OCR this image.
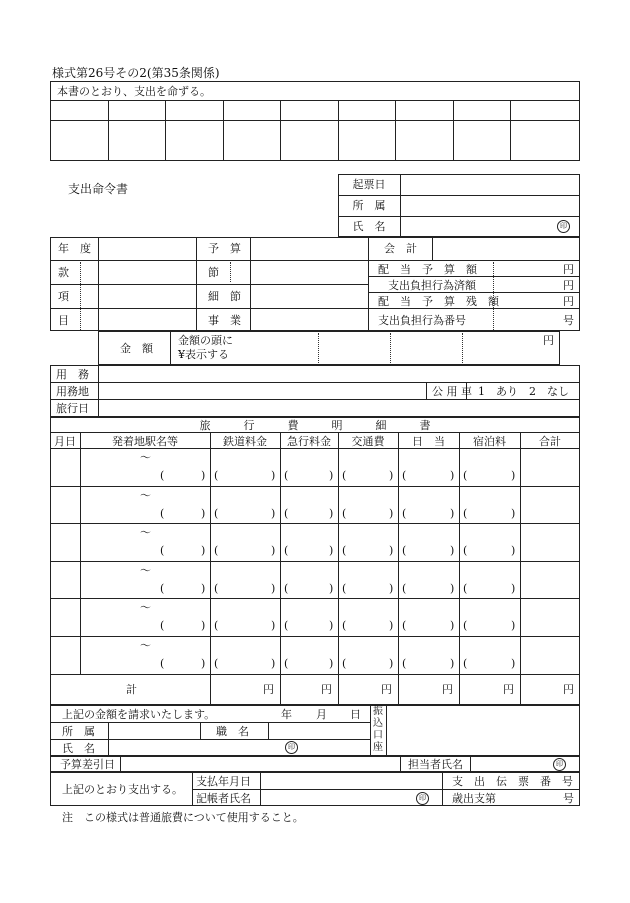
様式第26号その2(第35条関係)
本書のとおり、支出を命ずる。
支出命令書	起票日
所　属
氏　名	印
年　度	予　算	会　計
款	節	配　当　予　算　額	円
項	細　節
支出負担行為済額	円
配　当　予　算　残　額	円
目	事　業	支出負担行為番号	号
金　額
金額の頭に
¥表示する
円
用　務
用務地
旅行日
公 用 車 1　あり　2　なし
旅　　　行　　　費　　　明　　　細　　　書
月日	発着地駅名等	鉄道料金	急行料金	交通費	日　当	宿泊料	合計
〜
(	) (	) (	) (	) (	) (	)
〜
(	) (	) (	) (	) (	) (	)
〜
(	) (	) (	) (	) (	) (	)
〜
(	) (	) (	) (	) (	) (	)
〜
(	) (	) (	) (	) (	) (	)
〜
(	) (	) (	) (	) (	) (	)
計	円	円	円	円	円	円
上記の金額を請求いたします。	年 月 日
所　属	職　名
氏　名	印
振
込
口
座
予算差引日	担当者氏名	印
上記のとおり支出する。
支払年月日
記帳者氏名	印
支　出　伝　票　番　号
歳出支第	号
注　この様式は普通旅費について使用すること。
